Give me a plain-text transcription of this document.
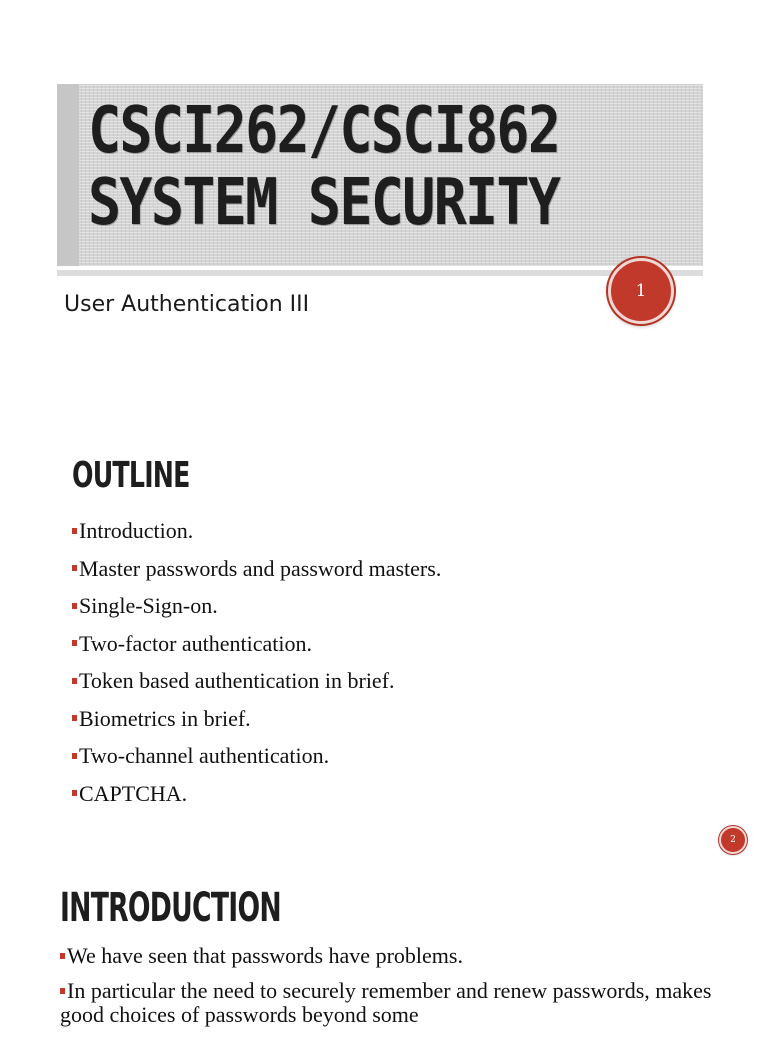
CSCI262/CSCI862
SYSTEM SECURITY
User Authentication III
1
OUTLINE
Introduction.
Master passwords and password masters.
Single-Sign-on.
Two-factor authentication.
Token based authentication in brief.
Biometrics in brief.
Two-channel authentication.
CAPTCHA.
2
INTRODUCTION
We have seen that passwords have problems.
In particular the need to securely remember and renew passwords, makes good choices of passwords beyond some
